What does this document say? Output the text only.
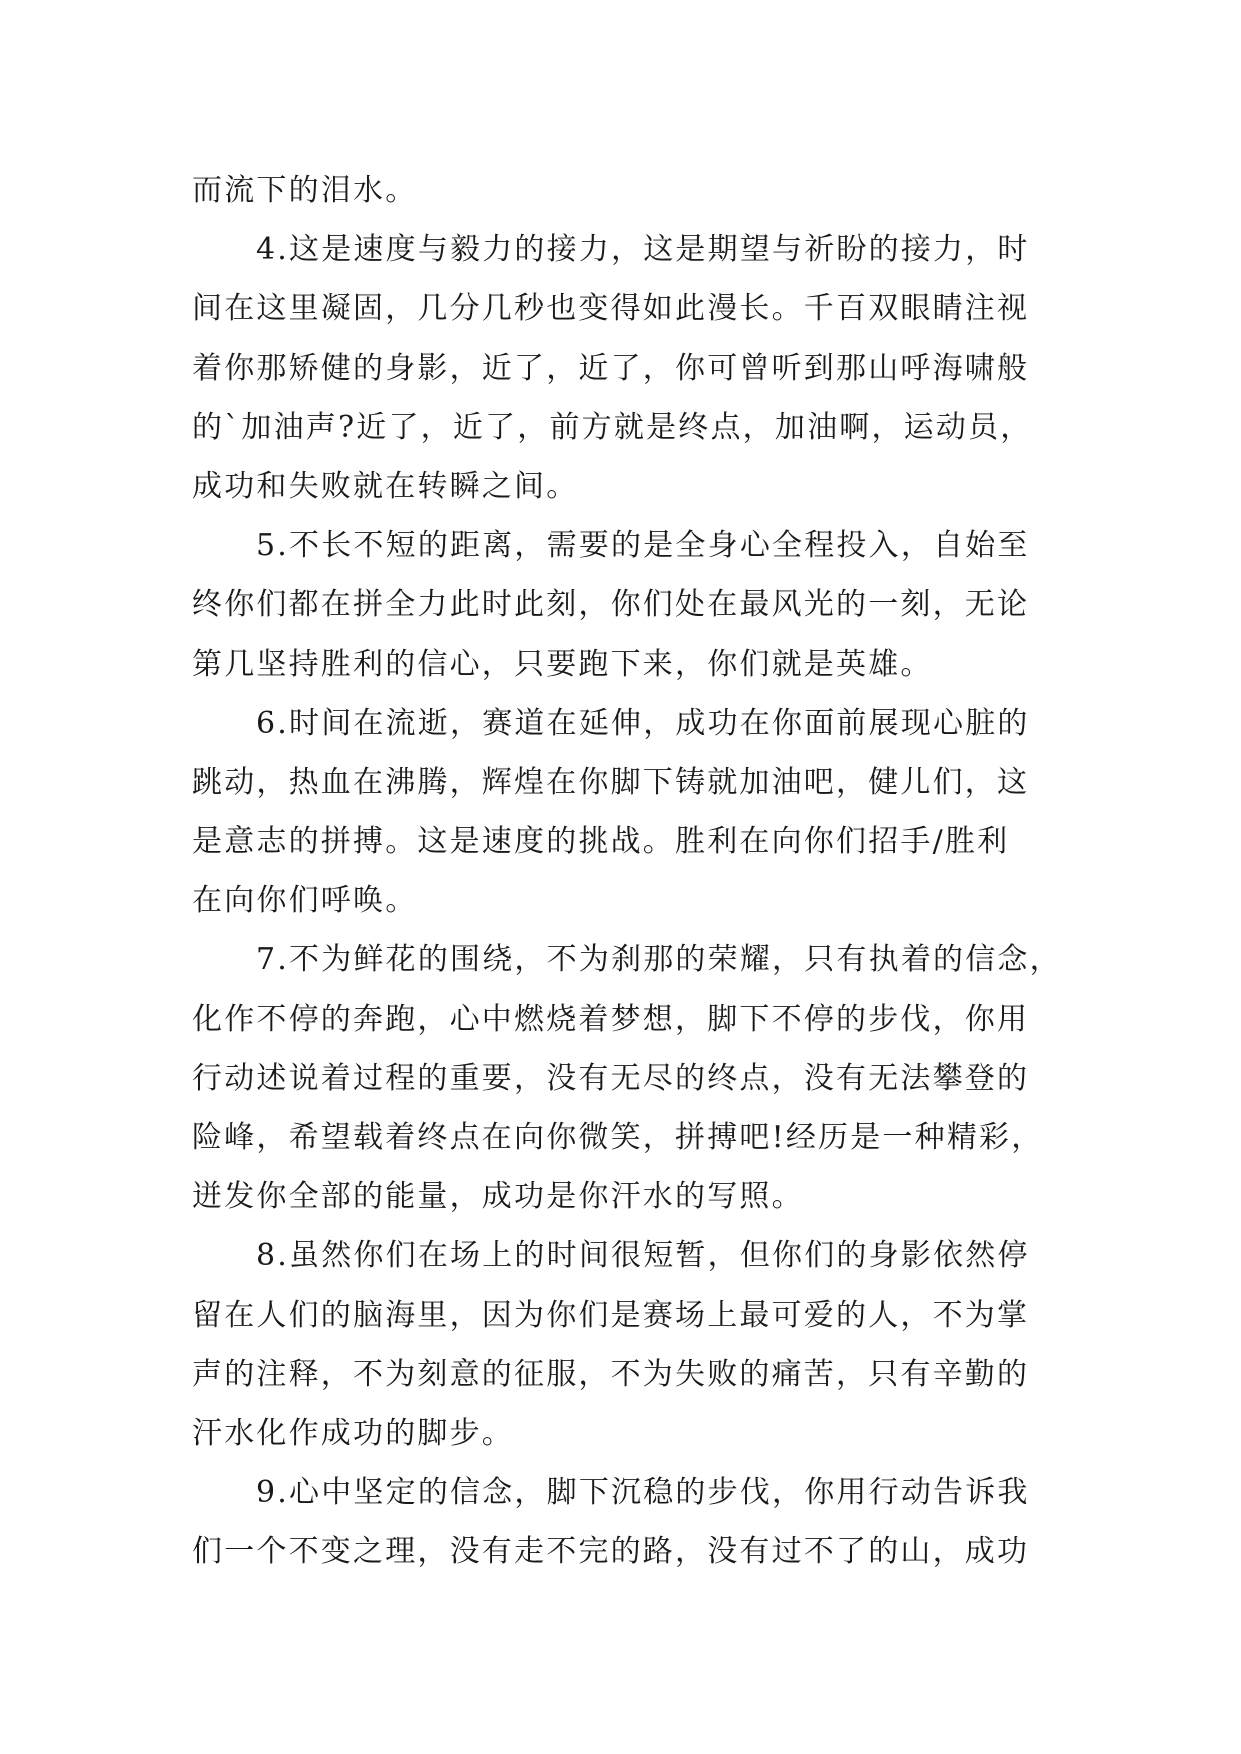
而流下的泪水。
4.这是速度与毅力的接力，这是期望与祈盼的接力，时
间在这里凝固，几分几秒也变得如此漫长。千百双眼睛注视
着你那矫健的身影，近了，近了，你可曾听到那山呼海啸般
的`加油声?近了，近了，前方就是终点，加油啊，运动员，
成功和失败就在转瞬之间。
5.不长不短的距离，需要的是全身心全程投入，自始至
终你们都在拼全力此时此刻，你们处在最风光的一刻，无论
第几坚持胜利的信心，只要跑下来，你们就是英雄。
6.时间在流逝，赛道在延伸，成功在你面前展现心脏的
跳动，热血在沸腾，辉煌在你脚下铸就加油吧，健儿们，这
是意志的拼搏。这是速度的挑战。胜利在向你们招手/胜利
在向你们呼唤。
7.不为鲜花的围绕，不为刹那的荣耀，只有执着的信念，
化作不停的奔跑，心中燃烧着梦想，脚下不停的步伐，你用
行动述说着过程的重要，没有无尽的终点，没有无法攀登的
险峰，希望载着终点在向你微笑，拼搏吧!经历是一种精彩，
迸发你全部的能量，成功是你汗水的写照。
8.虽然你们在场上的时间很短暂，但你们的身影依然停
留在人们的脑海里，因为你们是赛场上最可爱的人，不为掌
声的注释，不为刻意的征服，不为失败的痛苦，只有辛勤的
汗水化作成功的脚步。
9.心中坚定的信念，脚下沉稳的步伐，你用行动告诉我
们一个不变之理，没有走不完的路，没有过不了的山，成功
